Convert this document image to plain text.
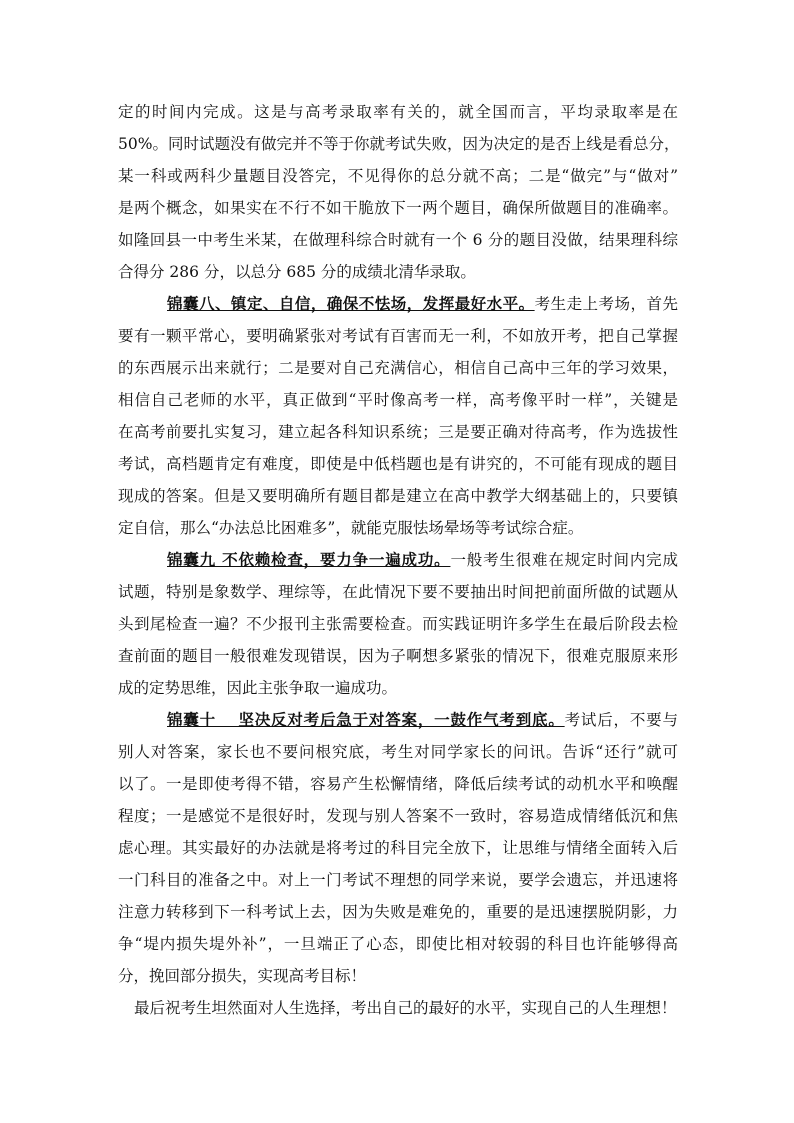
定的时间内完成。这是与高考录取率有关的，就全国而言，平均录取率是在
50%。同时试题没有做完并不等于你就考试失败，因为决定的是否上线是看总分，
某一科或两科少量题目没答完，不见得你的总分就不高；二是“做完”与“做对”
是两个概念，如果实在不行不如干脆放下一两个题目，确保所做题目的准确率。
如隆回县一中考生米某，在做理科综合时就有一个 6 分的题目没做，结果理科综
合得分 286 分，以总分 685 分的成绩北清华录取。
锦囊八、镇定、自信，确保不怯场，发挥最好水平。考生走上考场，首先
要有一颗平常心，要明确紧张对考试有百害而无一利，不如放开考，把自己掌握
的东西展示出来就行；二是要对自己充满信心，相信自己高中三年的学习效果，
相信自己老师的水平，真正做到“平时像高考一样，高考像平时一样”，关键是
在高考前要扎实复习，建立起各科知识系统；三是要正确对待高考，作为选拔性
考试，高档题肯定有难度，即使是中低档题也是有讲究的，不可能有现成的题目
现成的答案。但是又要明确所有题目都是建立在高中教学大纲基础上的，只要镇
定自信，那么“办法总比困难多”，就能克服怯场晕场等考试综合症。
锦囊九 不依赖检查，要力争一遍成功。一般考生很难在规定时间内完成
试题，特别是象数学、理综等，在此情况下要不要抽出时间把前面所做的试题从
头到尾检查一遍？不少报刊主张需要检查。而实践证明许多学生在最后阶段去检
查前面的题目一般很难发现错误，因为子啊想多紧张的情况下，很难克服原来形
成的定势思维，因此主张争取一遍成功。
锦囊十　 坚决反对考后急于对答案，一鼓作气考到底。考试后，不要与
别人对答案，家长也不要问根究底，考生对同学家长的问讯。告诉“还行”就可
以了。一是即使考得不错，容易产生松懈情绪，降低后续考试的动机水平和唤醒
程度；一是感觉不是很好时，发现与别人答案不一致时，容易造成情绪低沉和焦
虑心理。其实最好的办法就是将考过的科目完全放下，让思维与情绪全面转入后
一门科目的准备之中。对上一门考试不理想的同学来说，要学会遗忘，并迅速将
注意力转移到下一科考试上去，因为失败是难免的，重要的是迅速摆脱阴影，力
争“堤内损失堤外补”，一旦端正了心态，即使比相对较弱的科目也许能够得高
分，挽回部分损失，实现高考目标！
最后祝考生坦然面对人生选择，考出自己的最好的水平，实现自己的人生理想！
